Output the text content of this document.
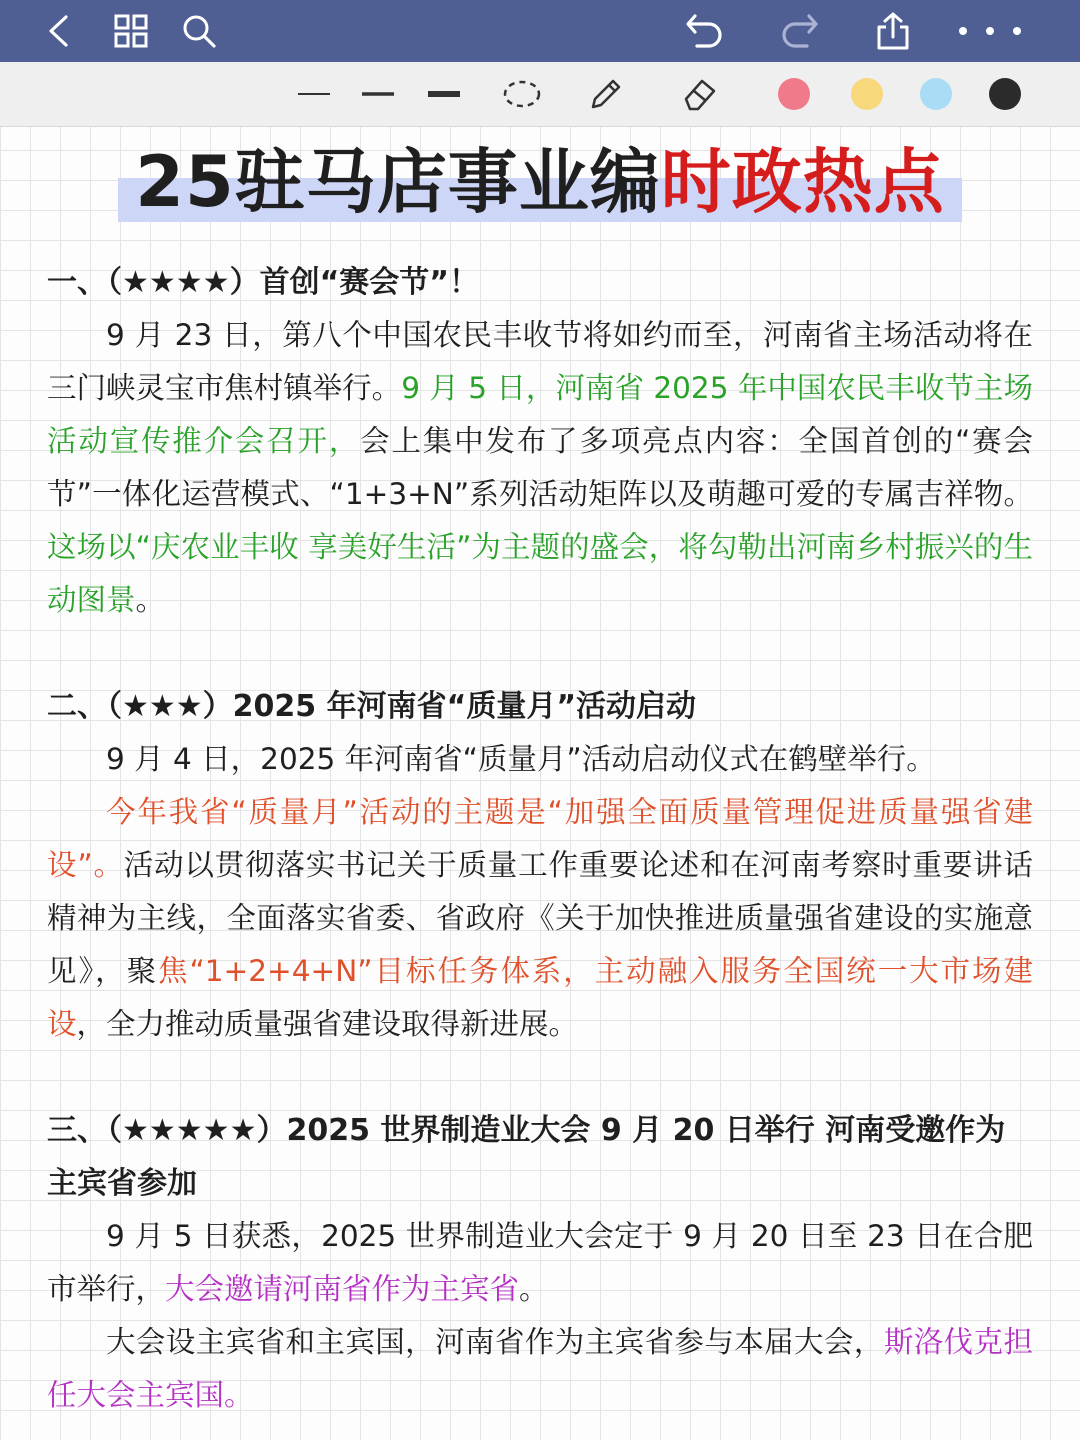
25驻马店事业编时政热点

一、（★★★★）首创“赛会节”！

9 月 23 日，第八个中国农民丰收节将如约而至，河南省主场活动将在三门峡灵宝市焦村镇举行。9 月 5 日，河南省 2025 年中国农民丰收节主场活动宣传推介会召开，会上集中发布了多项亮点内容：全国首创的“赛会节”一体化运营模式、“1+3+N”系列活动矩阵以及萌趣可爱的专属吉祥物。这场以“庆农业丰收 享美好生活”为主题的盛会，将勾勒出河南乡村振兴的生动图景。

二、（★★★）2025 年河南省“质量月”活动启动

9 月 4 日，2025 年河南省“质量月”活动启动仪式在鹤壁举行。

今年我省“质量月”活动的主题是“加强全面质量管理促进质量强省建设”。活动以贯彻落实书记关于质量工作重要论述和在河南考察时重要讲话精神为主线，全面落实省委、省政府《关于加快推进质量强省建设的实施意见》，聚焦“1+2+4+N”目标任务体系，主动融入服务全国统一大市场建设，全力推动质量强省建设取得新进展。

三、（★★★★★）2025 世界制造业大会 9 月 20 日举行 河南受邀作为主宾省参加

9 月 5 日获悉，2025 世界制造业大会定于 9 月 20 日至 23 日在合肥市举行，大会邀请河南省作为主宾省。

大会设主宾省和主宾国，河南省作为主宾省参与本届大会，斯洛伐克担任大会主宾国。
